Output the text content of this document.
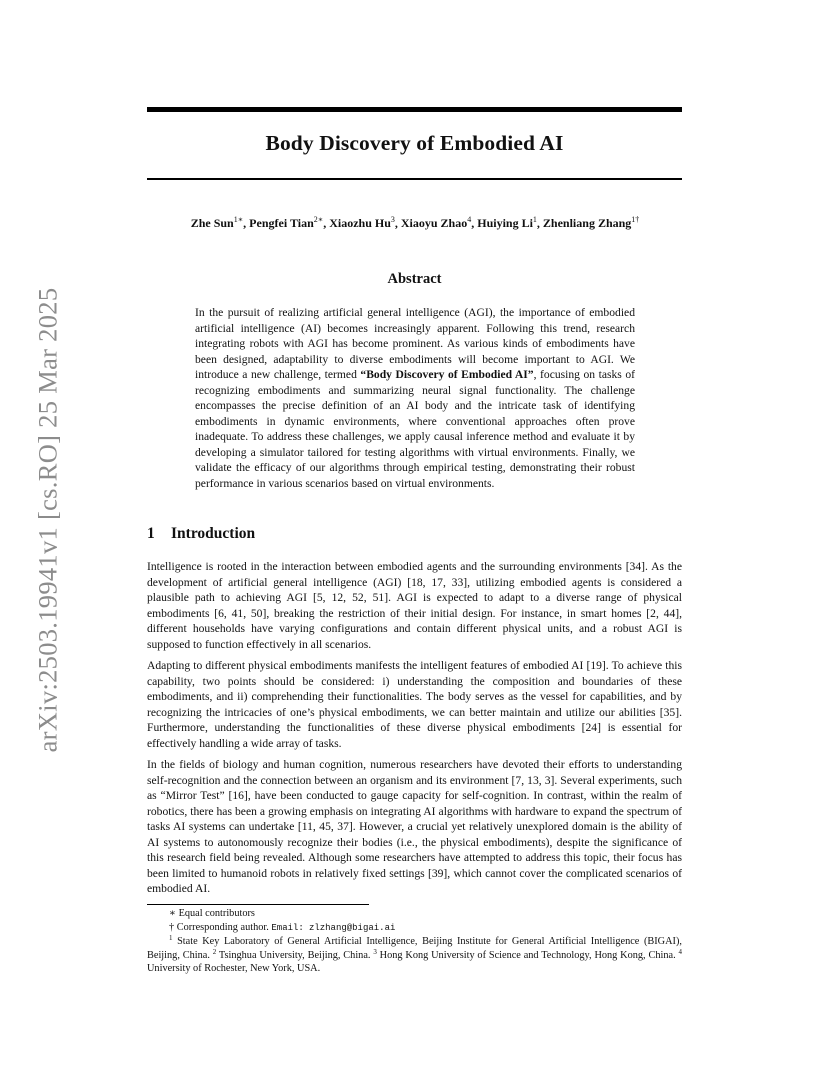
arXiv:2503.19941v1 [cs.RO] 25 Mar 2025
Body Discovery of Embodied AI
Zhe Sun$^{1∗}$, Pengfei Tian$^{2∗}$, Xiaozhu Hu$^3$, Xiaoyu Zhao$^4$, Huiying Li$^1$, Zhenliang Zhang$^{1\dagger}$
Abstract
In the pursuit of realizing artificial general intelligence (AGI), the importance of embodied artificial intelligence (AI) becomes increasingly apparent. Following this trend, research integrating robots with AGI has become prominent. As various kinds of embodiments have been designed, adaptability to diverse embodiments will become important to AGI. We introduce a new challenge, termed “Body Discovery of Embodied AI”, focusing on tasks of recognizing embodiments and summarizing neural signal functionality. The challenge encompasses the precise definition of an AI body and the intricate task of identifying embodiments in dynamic environments, where conventional approaches often prove inadequate. To address these challenges, we apply causal inference method and evaluate it by developing a simulator tailored for testing algorithms with virtual environments. Finally, we validate the efficacy of our algorithms through empirical testing, demonstrating their robust performance in various scenarios based on virtual environments.
1 Introduction

Intelligence is rooted in the interaction between embodied agents and the surrounding environments [34]. As the development of artificial general intelligence (AGI) [18, 17, 33], utilizing embodied agents is considered a plausible path to achieving AGI [5, 12, 52, 51]. AGI is expected to adapt to a diverse range of physical embodiments [6, 41, 50], breaking the restriction of their initial design. For instance, in smart homes [2, 44], different households have varying configurations and contain different physical units, and a robust AGI is supposed to function effectively in all scenarios.

Adapting to different physical embodiments manifests the intelligent features of embodied AI [19]. To achieve this capability, two points should be considered: i) understanding the composition and boundaries of these embodiments, and ii) comprehending their functionalities. The body serves as the vessel for capabilities, and by recognizing the intricacies of one’s physical embodiments, we can better maintain and utilize our abilities [35]. Furthermore, understanding the functionalities of these diverse physical embodiments [24] is essential for effectively handling a wide array of tasks.

In the fields of biology and human cognition, numerous researchers have devoted their efforts to understanding self-recognition and the connection between an organism and its environment [7, 13, 3]. Several experiments, such as “Mirror Test” [16], have been conducted to gauge capacity for self-cognition. In contrast, within the realm of robotics, there has been a growing emphasis on integrating AI algorithms with hardware to expand the spectrum of tasks AI systems can undertake [11, 45, 37]. However, a crucial yet relatively unexplored domain is the ability of AI systems to autonomously recognize their bodies (i.e., the physical embodiments), despite the significance of this research field being revealed. Although some researchers have attempted to address this topic, their focus has been limited to humanoid robots in relatively fixed settings [39], which cannot cover the complicated scenarios of embodied AI.

∗ Equal contributors
† Corresponding author. Email: zlzhang@bigai.ai
$^1$ State Key Laboratory of General Artificial Intelligence, Beijing Institute for General Artificial Intelligence (BIGAI), Beijing, China. $^2$ Tsinghua University, Beijing, China. $^3$ Hong Kong University of Science and Technology, Hong Kong, China. $^4$ University of Rochester, New York, USA.
